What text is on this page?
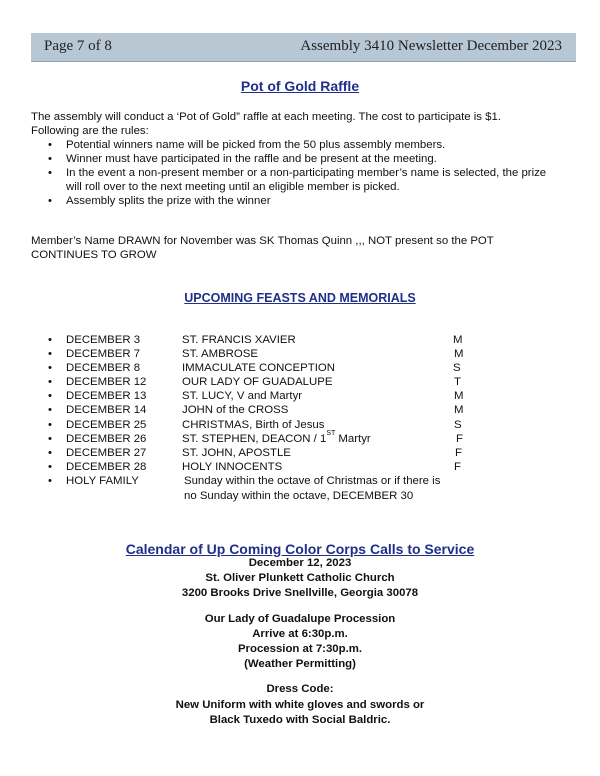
Page 7 of 8	Assembly 3410 Newsletter December 2023
Pot of Gold Raffle
The assembly will conduct a ‘Pot of Gold” raffle at each meeting. The cost to participate is $1.
Following are the rules:
• Potential winners name will be picked from the 50 plus assembly members.
• Winner must have participated in the raffle and be present at the meeting.
• In the event a non-present member or a non-participating member’s name is selected, the prize
will roll over to the next meeting until an eligible member is picked.
• Assembly splits the prize with the winner
Member’s Name DRAWN for November was SK Thomas Quinn ,,, NOT present so the POT
CONTINUES TO GROW
UPCOMING FEASTS AND MEMORIALS
• DECEMBER 3	ST. FRANCIS XAVIER	M
• DECEMBER 7	ST. AMBROSE	M
• DECEMBER 8	IMMACULATE CONCEPTION	S
• DECEMBER 12	OUR LADY OF GUADALUPE	T
• DECEMBER 13	ST. LUCY, V and Martyr	M
• DECEMBER 14	JOHN of the CROSS	M
• DECEMBER 25	CHRISTMAS, Birth of Jesus	S
• DECEMBER 26	ST. STEPHEN, DEACON / 1ST Martyr	F
• DECEMBER 27	ST. JOHN, APOSTLE	F
• DECEMBER 28	HOLY INNOCENTS	F
• HOLY FAMILY	Sunday within the octave of Christmas or if there is
no Sunday within the octave, DECEMBER 30
Calendar of Up Coming Color Corps Calls to Service
December 12, 2023
St. Oliver Plunkett Catholic Church
3200 Brooks Drive Snellville, Georgia 30078
Our Lady of Guadalupe Procession
Arrive at 6:30p.m.
Procession at 7:30p.m.
(Weather Permitting)
Dress Code:
New Uniform with white gloves and swords or
Black Tuxedo with Social Baldric.
